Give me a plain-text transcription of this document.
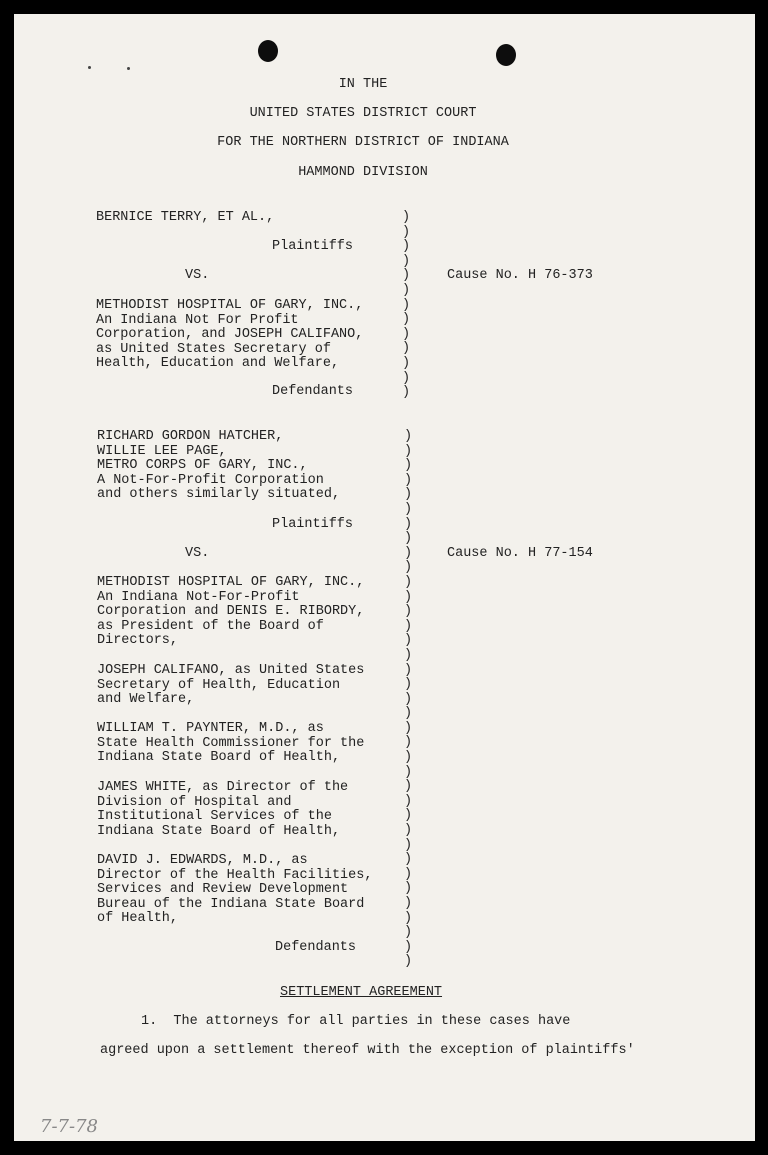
IN THE
UNITED STATES DISTRICT COURT
FOR THE NORTHERN DISTRICT OF INDIANA
HAMMOND DIVISION
BERNICE TERRY, ET AL.,
Plaintiffs
VS.	Cause No. H 76-373
METHODIST HOSPITAL OF GARY, INC.,
An Indiana Not For Profit
Corporation, and JOSEPH CALIFANO,
as United States Secretary of
Health, Education and Welfare,
Defendants
)
)
)
)
)
)
)
)
)
)
)
)
)
RICHARD GORDON HATCHER,
WILLIE LEE PAGE,
METRO CORPS OF GARY, INC.,
A Not-For-Profit Corporation
and others similarly situated,
Plaintiffs
VS.	Cause No. H 77-154
METHODIST HOSPITAL OF GARY, INC.,
An Indiana Not-For-Profit
Corporation and DENIS E. RIBORDY,
as President of the Board of
Directors,
JOSEPH CALIFANO, as United States
Secretary of Health, Education
and Welfare,
WILLIAM T. PAYNTER, M.D., as
State Health Commissioner for the
Indiana State Board of Health,
JAMES WHITE, as Director of the
Division of Hospital and
Institutional Services of the
Indiana State Board of Health,
DAVID J. EDWARDS, M.D., as
Director of the Health Facilities,
Services and Review Development
Bureau of the Indiana State Board
of Health,
Defendants
)
)
)
)
)
)
)
)
)
)
)
)
)
)
)
)
)
)
)
)
)
)
)
)
)
)
)
)
)
)
)
)
)
)
)
)
)
SETTLEMENT AGREEMENT
1.  The attorneys for all parties in these cases have
agreed upon a settlement thereof with the exception of plaintiffs'
7-7-78
